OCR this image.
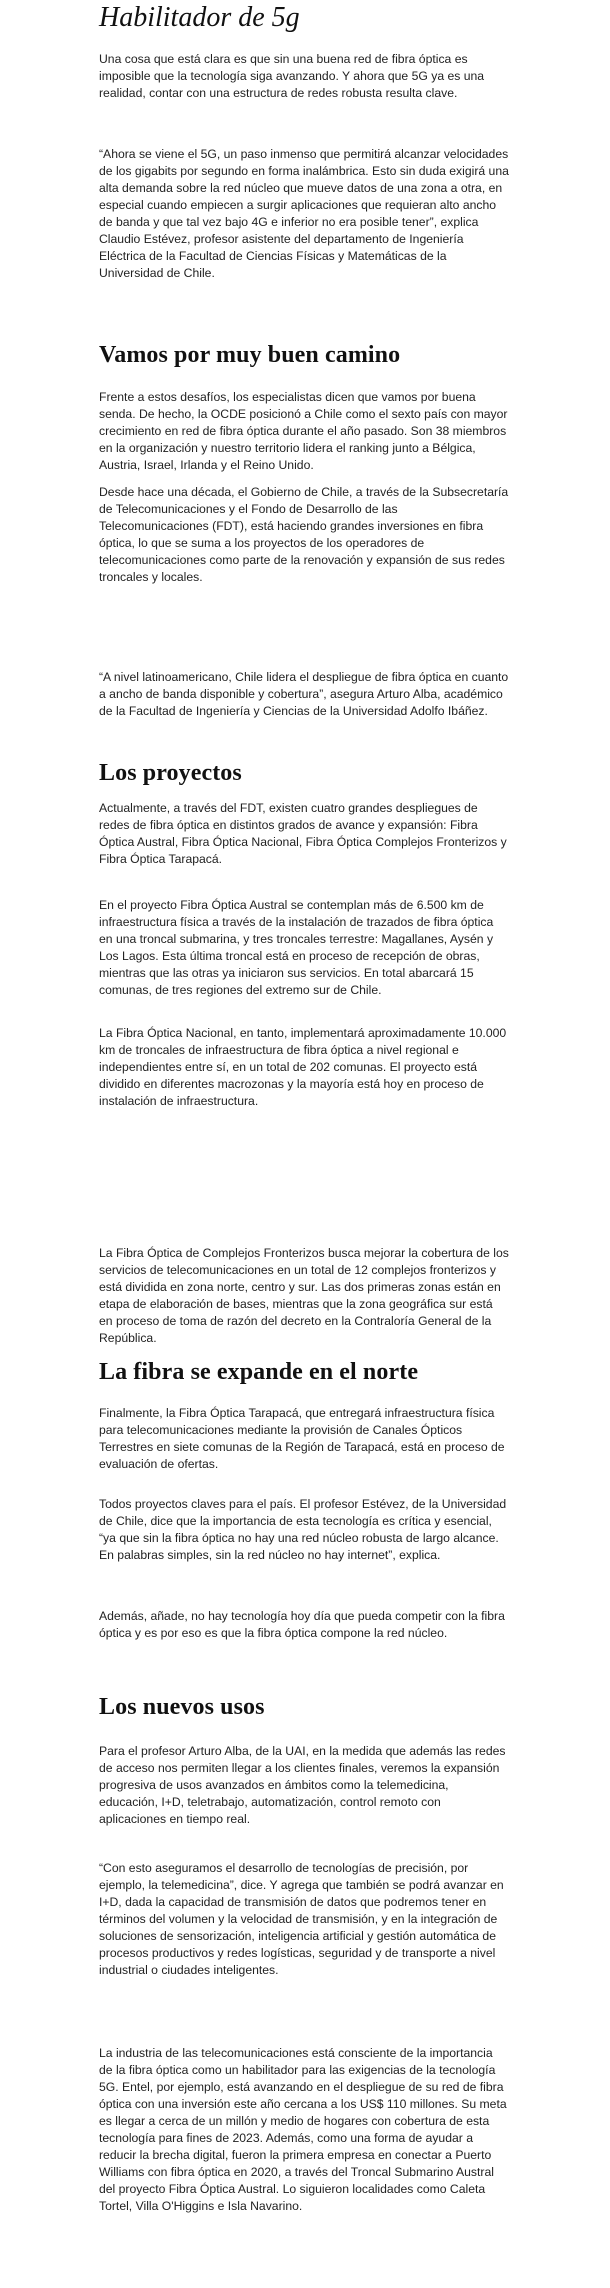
Habilitador de 5g

Una cosa que está clara es que sin una buena red de fibra óptica es imposible que la tecnología siga avanzando. Y ahora que 5G ya es una realidad, contar con una estructura de redes robusta resulta clave.

“Ahora se viene el 5G, un paso inmenso que permitirá alcanzar velocidades de los gigabits por segundo en forma inalámbrica. Esto sin duda exigirá una alta demanda sobre la red núcleo que mueve datos de una zona a otra, en especial cuando empiecen a surgir aplicaciones que requieran alto ancho de banda y que tal vez bajo 4G e inferior no era posible tener”, explica Claudio Estévez, profesor asistente del departamento de Ingeniería Eléctrica de la Facultad de Ciencias Físicas y Matemáticas de la Universidad de Chile.

Vamos por muy buen camino

Frente a estos desafíos, los especialistas dicen que vamos por buena senda. De hecho, la OCDE posicionó a Chile como el sexto país con mayor crecimiento en red de fibra óptica durante el año pasado. Son 38 miembros en la organización y nuestro territorio lidera el ranking junto a Bélgica, Austria, Israel, Irlanda y el Reino Unido.

Desde hace una década, el Gobierno de Chile, a través de la Subsecretaría de Telecomunicaciones y el Fondo de Desarrollo de las Telecomunicaciones (FDT), está haciendo grandes inversiones en fibra óptica, lo que se suma a los proyectos de los operadores de telecomunicaciones como parte de la renovación y expansión de sus redes troncales y locales.

“A nivel latinoamericano, Chile lidera el despliegue de fibra óptica en cuanto a ancho de banda disponible y cobertura”, asegura Arturo Alba, académico de la Facultad de Ingeniería y Ciencias de la Universidad Adolfo Ibáñez.

Los proyectos

Actualmente, a través del FDT, existen cuatro grandes despliegues de redes de fibra óptica en distintos grados de avance y expansión: Fibra Óptica Austral, Fibra Óptica Nacional, Fibra Óptica Complejos Fronterizos y Fibra Óptica Tarapacá.

En el proyecto Fibra Óptica Austral se contemplan más de 6.500 km de infraestructura física a través de la instalación de trazados de fibra óptica en una troncal submarina, y tres troncales terrestre: Magallanes, Aysén y Los Lagos. Esta última troncal está en proceso de recepción de obras, mientras que las otras ya iniciaron sus servicios. En total abarcará 15 comunas, de tres regiones del extremo sur de Chile.

La Fibra Óptica Nacional, en tanto, implementará aproximadamente 10.000 km de troncales de infraestructura de fibra óptica a nivel regional e independientes entre sí, en un total de 202 comunas. El proyecto está dividido en diferentes macrozonas y la mayoría está hoy en proceso de instalación de infraestructura.

La Fibra Óptica de Complejos Fronterizos busca mejorar la cobertura de los servicios de telecomunicaciones en un total de 12 complejos fronterizos y está dividida en zona norte, centro y sur. Las dos primeras zonas están en etapa de elaboración de bases, mientras que la zona geográfica sur está en proceso de toma de razón del decreto en la Contraloría General de la República.

La fibra se expande en el norte

Finalmente, la Fibra Óptica Tarapacá, que entregará infraestructura física para telecomunicaciones mediante la provisión de Canales Ópticos Terrestres en siete comunas de la Región de Tarapacá, está en proceso de evaluación de ofertas.

Todos proyectos claves para el país. El profesor Estévez, de la Universidad de Chile, dice que la importancia de esta tecnología es crítica y esencial, “ya que sin la fibra óptica no hay una red núcleo robusta de largo alcance. En palabras simples, sin la red núcleo no hay internet”, explica.

Además, añade, no hay tecnología hoy día que pueda competir con la fibra óptica y es por eso es que la fibra óptica compone la red núcleo.

Los nuevos usos

Para el profesor Arturo Alba, de la UAI, en la medida que además las redes de acceso nos permiten llegar a los clientes finales, veremos la expansión progresiva de usos avanzados en ámbitos como la telemedicina, educación, I+D, teletrabajo, automatización, control remoto con aplicaciones en tiempo real.

“Con esto aseguramos el desarrollo de tecnologías de precisión, por ejemplo, la telemedicina”, dice. Y agrega que también se podrá avanzar en I+D, dada la capacidad de transmisión de datos que podremos tener en términos del volumen y la velocidad de transmisión, y en la integración de soluciones de sensorización, inteligencia artificial y gestión automática de procesos productivos y redes logísticas, seguridad y de transporte a nivel industrial o ciudades inteligentes.

La industria de las telecomunicaciones está consciente de la importancia de la fibra óptica como un habilitador para las exigencias de la tecnología 5G. Entel, por ejemplo, está avanzando en el despliegue de su red de fibra óptica con una inversión este año cercana a los US$ 110 millones. Su meta es llegar a cerca de un millón y medio de hogares con cobertura de esta tecnología para fines de 2023. Además, como una forma de ayudar a reducir la brecha digital, fueron la primera empresa en conectar a Puerto Williams con fibra óptica en 2020, a través del Troncal Submarino Austral del proyecto Fibra Óptica Austral. Lo siguieron localidades como Caleta Tortel, Villa O'Higgins e Isla Navarino.
